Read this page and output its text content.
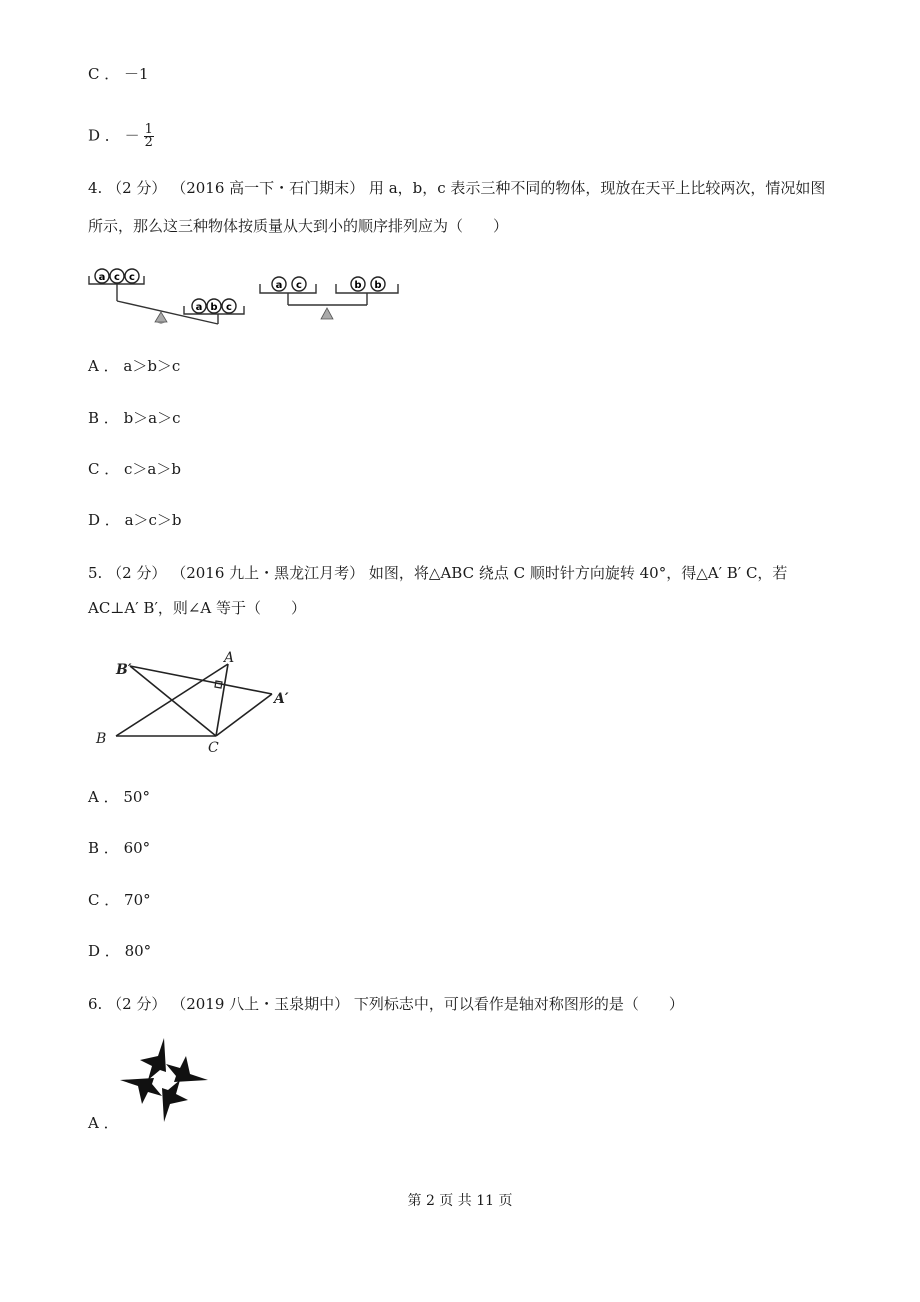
C ． －1
D ． － $\frac{1}{2}$
4. （2 分） （2016 高一下・石门期末） 用 a，b，c 表示三种不同的物体，现放在天平上比较两次，情况如图
所示，那么这三种物体按质量从大到小的顺序排列应为（　　）
a c c
a b c
a c	b b
A ． a＞b＞c
B ． b＞a＞c
C ． c＞a＞b
D ． a＞c＞b
5. （2 分） （2016 九上・黑龙江月考） 如图，将△ABC 绕点 C 顺时针方向旋转 40°，得△A′ B′ C，若
AC⊥A′ B′，则∠A 等于（　　）
A
B
C
A′
B′
A ． 50°
B ． 60°
C ． 70°
D ． 80°
6. （2 分） （2019 八上・玉泉期中） 下列标志中，可以看作是轴对称图形的是（　　）
A ．
第 2 页 共 11 页
